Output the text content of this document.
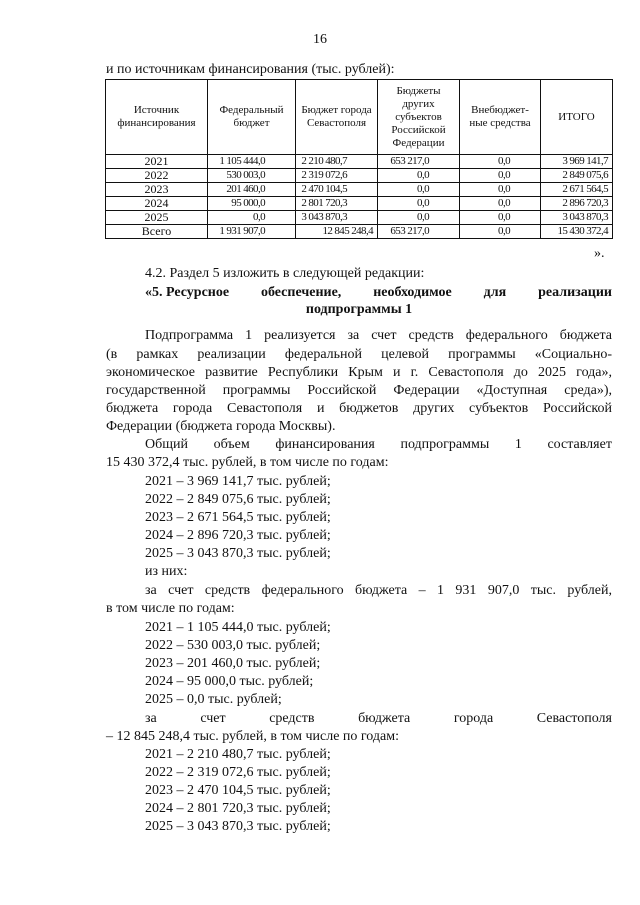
16
и по источникам финансирования (тыс. рублей):
Источник финансирования	Федеральный бюджет	Бюджет города Севастополя	Бюджеты других субъектов Российской Федерации	Внебюджет-ные средства	ИТОГО
2021	1 105 444,0	2 210 480,7	653 217,0	0,0	3 969 141,7
2022	530 003,0	2 319 072,6	0,0	0,0	2 849 075,6
2023	201 460,0	2 470 104,5	0,0	0,0	2 671 564,5
2024	95 000,0	2 801 720,3	0,0	0,0	2 896 720,3
2025	0,0	3 043 870,3	0,0	0,0	3 043 870,3
Всего	1 931 907,0	12 845 248,4	653 217,0	0,0	15 430 372,4
».
4.2. Раздел 5 изложить в следующей редакции:
«5. Ресурсное обеспечение, необходимое для реализации
подпрограммы 1
Подпрограмма 1 реализуется за счет средств федерального бюджета
(в рамках реализации федеральной целевой программы «Социально-
экономическое развитие Республики Крым и г. Севастополя до 2025 года»,
государственной программы Российской Федерации «Доступная среда»),
бюджета города Севастополя и бюджетов других субъектов Российской
Федерации (бюджета города Москвы).
Общий объем финансирования подпрограммы 1 составляет
15 430 372,4 тыс. рублей, в том числе по годам:
2021 – 3 969 141,7 тыс. рублей;
2022 – 2 849 075,6 тыс. рублей;
2023 – 2 671 564,5 тыс. рублей;
2024 – 2 896 720,3 тыс. рублей;
2025 – 3 043 870,3 тыс. рублей;
из них:
за счет средств федерального бюджета – 1 931 907,0 тыс. рублей,
в том числе по годам:
2021 – 1 105 444,0 тыс. рублей;
2022 – 530 003,0 тыс. рублей;
2023 – 201 460,0 тыс. рублей;
2024 – 95 000,0 тыс. рублей;
2025 – 0,0 тыс. рублей;
за	счет	средств	бюджета	города	Севастополя
– 12 845 248,4 тыс. рублей, в том числе по годам:
2021 – 2 210 480,7 тыс. рублей;
2022 – 2 319 072,6 тыс. рублей;
2023 – 2 470 104,5 тыс. рублей;
2024 – 2 801 720,3 тыс. рублей;
2025 – 3 043 870,3 тыс. рублей;
